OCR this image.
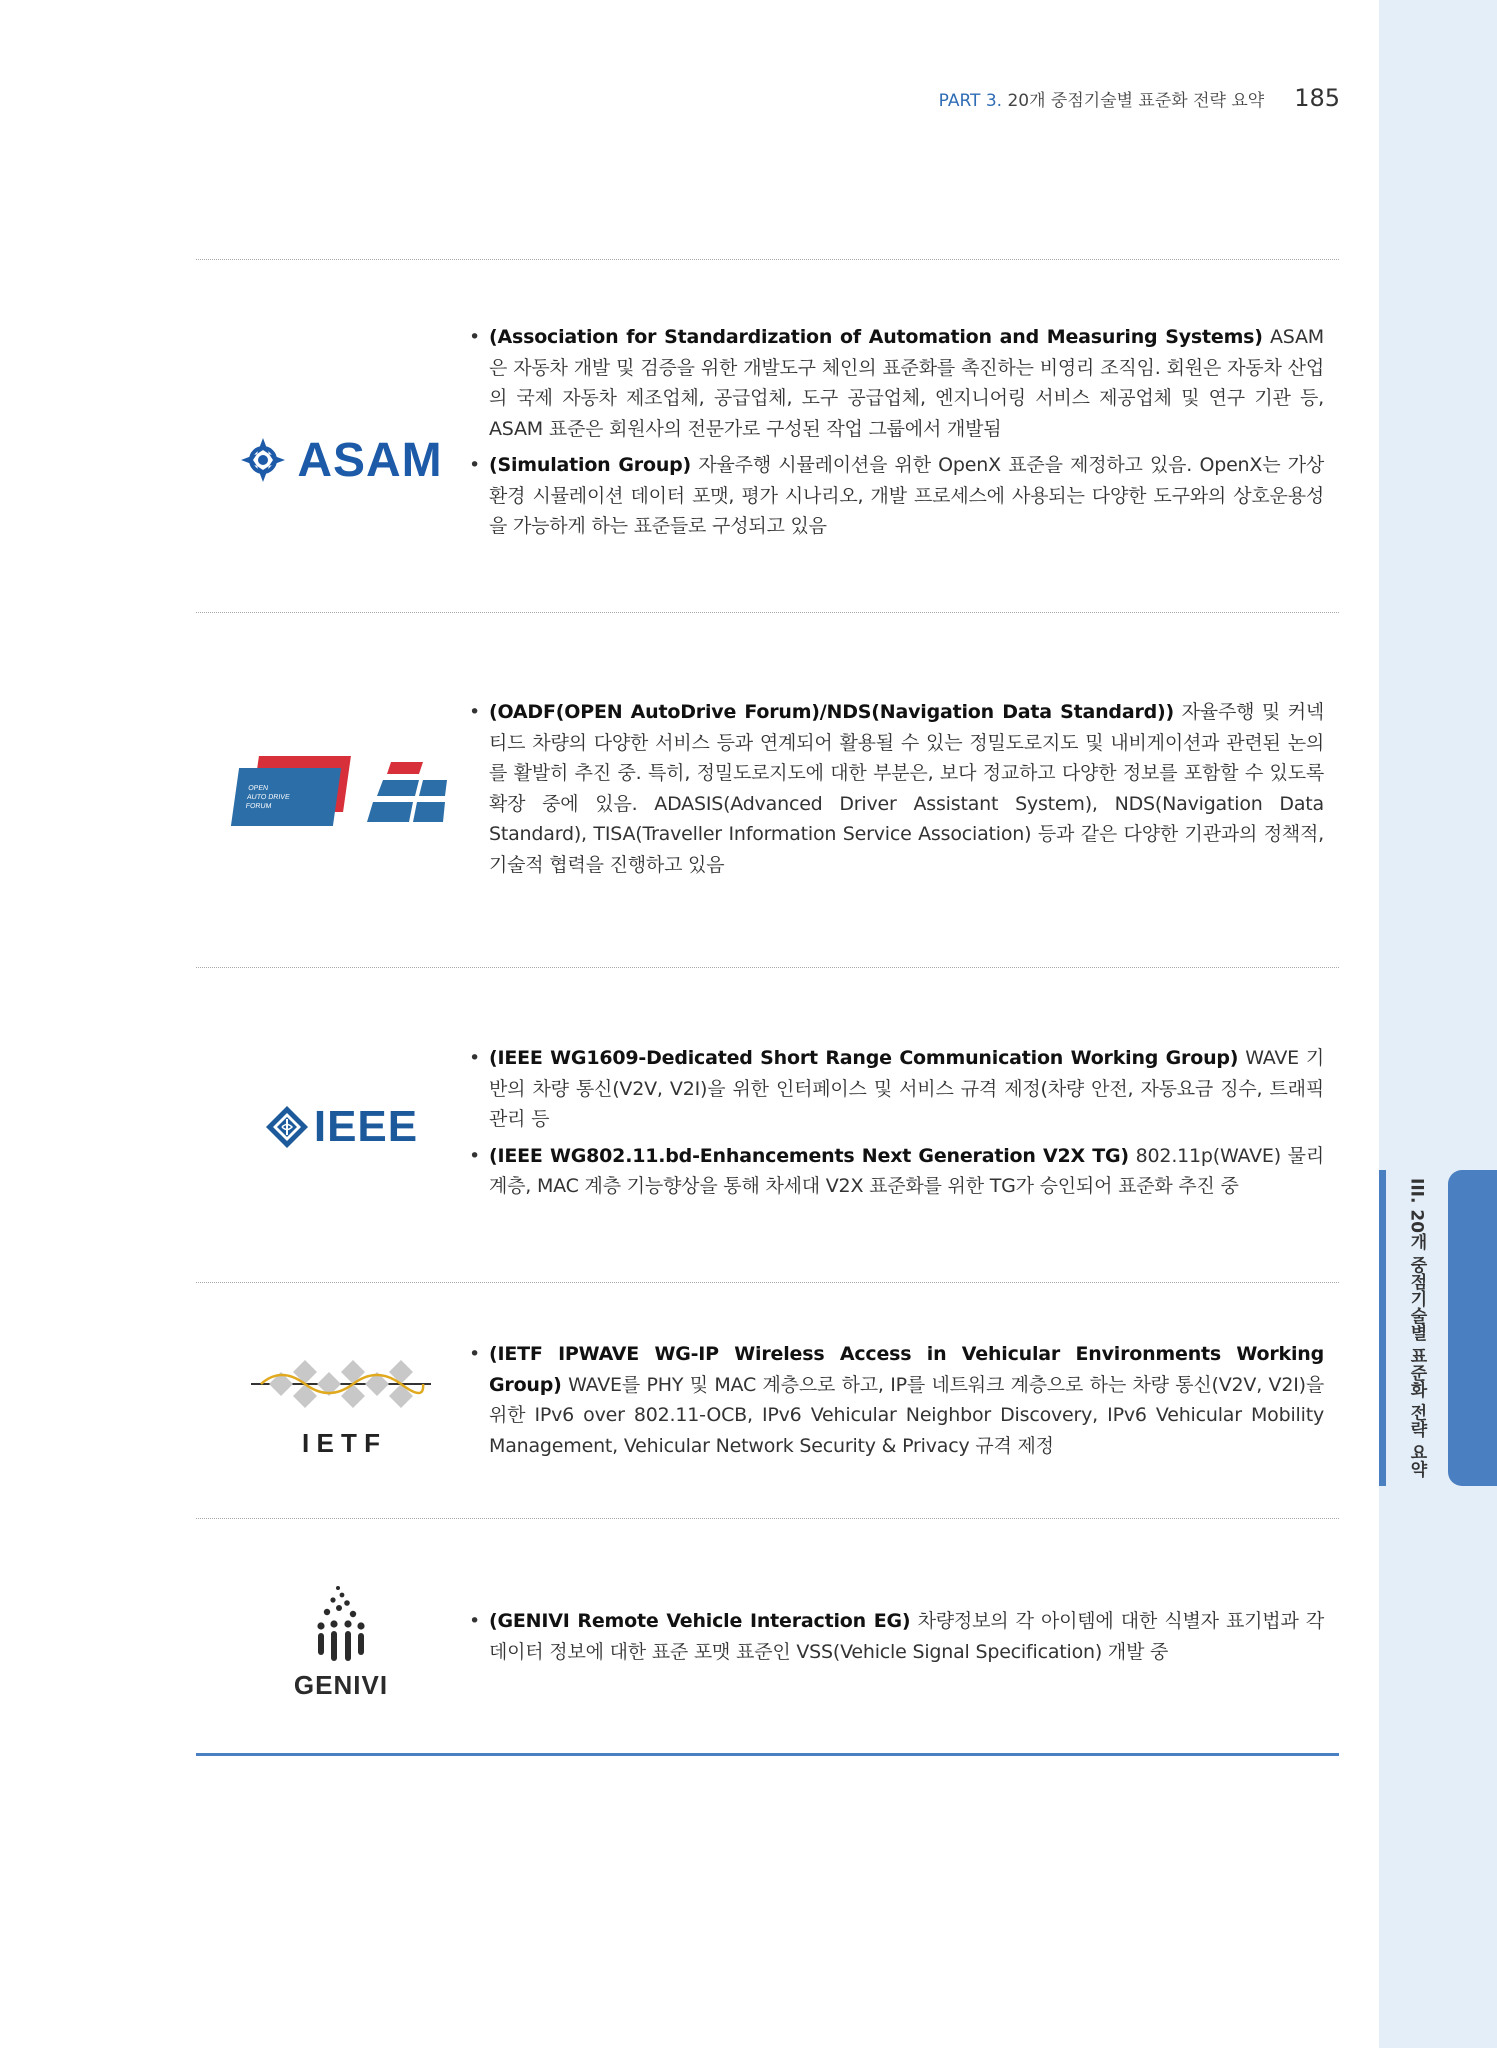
III. 20개 중점기술별 표준화 전략 요약
PART 3. 20개 중점기술별 표준화 전략 요약 185
ASAM
• (Association for Standardization of Automation and Measuring Systems) ASAM은 자동차 개발 및 검증을 위한 개발도구 체인의 표준화를 촉진하는 비영리 조직임. 회원은 자동차 산업의 국제 자동차 제조업체, 공급업체, 도구 공급업체, 엔지니어링 서비스 제공업체 및 연구 기관 등, ASAM 표준은 회원사의 전문가로 구성된 작업 그룹에서 개발됨
• (Simulation Group) 자율주행 시뮬레이션을 위한 OpenX 표준을 제정하고 있음. OpenX는 가상환경 시뮬레이션 데이터 포맷, 평가 시나리오, 개발 프로세스에 사용되는 다양한 도구와의 상호운용성을 가능하게 하는 표준들로 구성되고 있음
OPEN
AUTO DRIVE
FORUM
• (OADF(OPEN AutoDrive Forum)/NDS(Navigation Data Standard)) 자율주행 및 커넥티드 차량의 다양한 서비스 등과 연계되어 활용될 수 있는 정밀도로지도 및 내비게이션과 관련된 논의를 활발히 추진 중. 특히, 정밀도로지도에 대한 부분은, 보다 정교하고 다양한 정보를 포함할 수 있도록 확장 중에 있음. ADASIS(Advanced Driver Assistant System), NDS(Navigation Data Standard), TISA(Traveller Information Service Association) 등과 같은 다양한 기관과의 정책적, 기술적 협력을 진행하고 있음
IEEE
• (IEEE WG1609-Dedicated Short Range Communication Working Group) WAVE 기반의 차량 통신(V2V, V2I)을 위한 인터페이스 및 서비스 규격 제정(차량 안전, 자동요금 징수, 트래픽 관리 등
• (IEEE WG802.11.bd-Enhancements Next Generation V2X TG) 802.11p(WAVE) 물리계층, MAC 계층 기능향상을 통해 차세대 V2X 표준화를 위한 TG가 승인되어 표준화 추진 중
I E T F
• (IETF IPWAVE WG-IP Wireless Access in Vehicular Environments Working Group) WAVE를 PHY 및 MAC 계층으로 하고, IP를 네트워크 계층으로 하는 차량 통신(V2V, V2I)을 위한 IPv6 over 802.11-OCB, IPv6 Vehicular Neighbor Discovery, IPv6 Vehicular Mobility Management, Vehicular Network Security & Privacy 규격 제정
GENIVI
• (GENIVI Remote Vehicle Interaction EG) 차량정보의 각 아이템에 대한 식별자 표기법과 각 데이터 정보에 대한 표준 포맷 표준인 VSS(Vehicle Signal Specification) 개발 중
